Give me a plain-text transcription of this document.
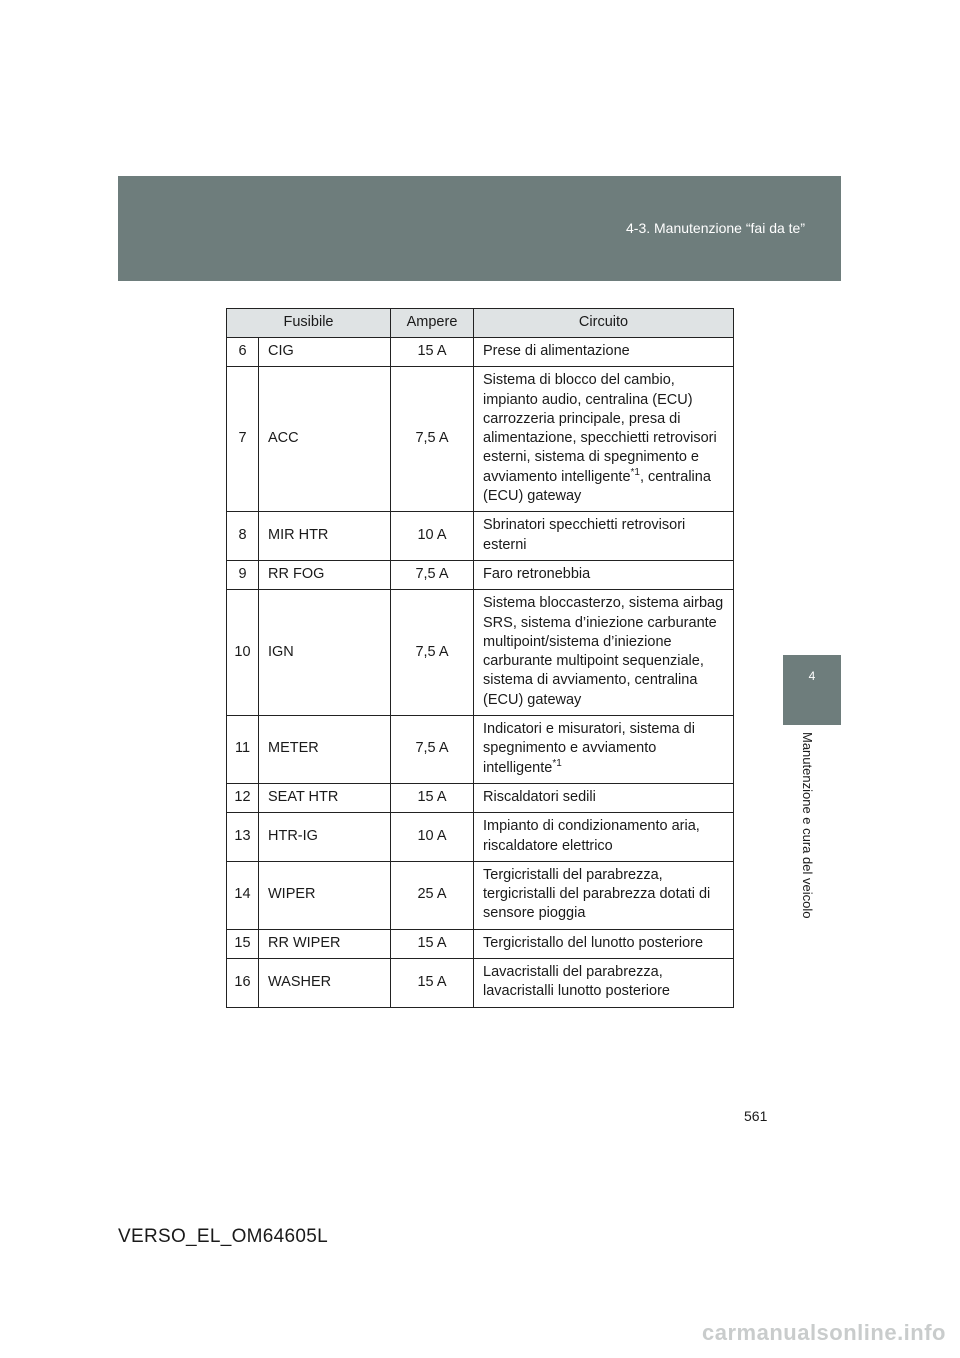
4-3. Manutenzione “fai da te”
4
Manutenzione e cura del veicolo
Fusibile		Ampere	Circuito
6	CIG	15 A	Prese di alimentazione
7	ACC	7,5 A	Sistema di blocco del cambio, impianto audio, centralina (ECU) carrozzeria principale, presa di alimentazione, specchietti retrovisori esterni, sistema di spegnimento e avviamento intelligente$^{*1}$, centralina (ECU) gateway
8	MIR HTR	10 A	Sbrinatori specchietti retrovisori esterni
9	RR FOG	7,5 A	Faro retronebbia
10	IGN	7,5 A	Sistema bloccasterzo, sistema airbag SRS, sistema d’iniezione carburante multipoint/sistema d’iniezione carburante multipoint sequenziale, sistema di avviamento, centralina (ECU) gateway
11	METER	7,5 A	Indicatori e misuratori, sistema di spegnimento e avviamento intelligente$^{*1}$
12	SEAT HTR	15 A	Riscaldatori sedili
13	HTR-IG	10 A	Impianto di condizionamento aria, riscaldatore elettrico
14	WIPER	25 A	Tergicristalli del parabrezza, tergicristalli del parabrezza dotati di sensore pioggia
15	RR WIPER	15 A	Tergicristallo del lunotto posteriore
16	WASHER	15 A	Lavacristalli del parabrezza, lavacristalli lunotto posteriore
561
VERSO_EL_OM64605L
carmanualsonline.info
